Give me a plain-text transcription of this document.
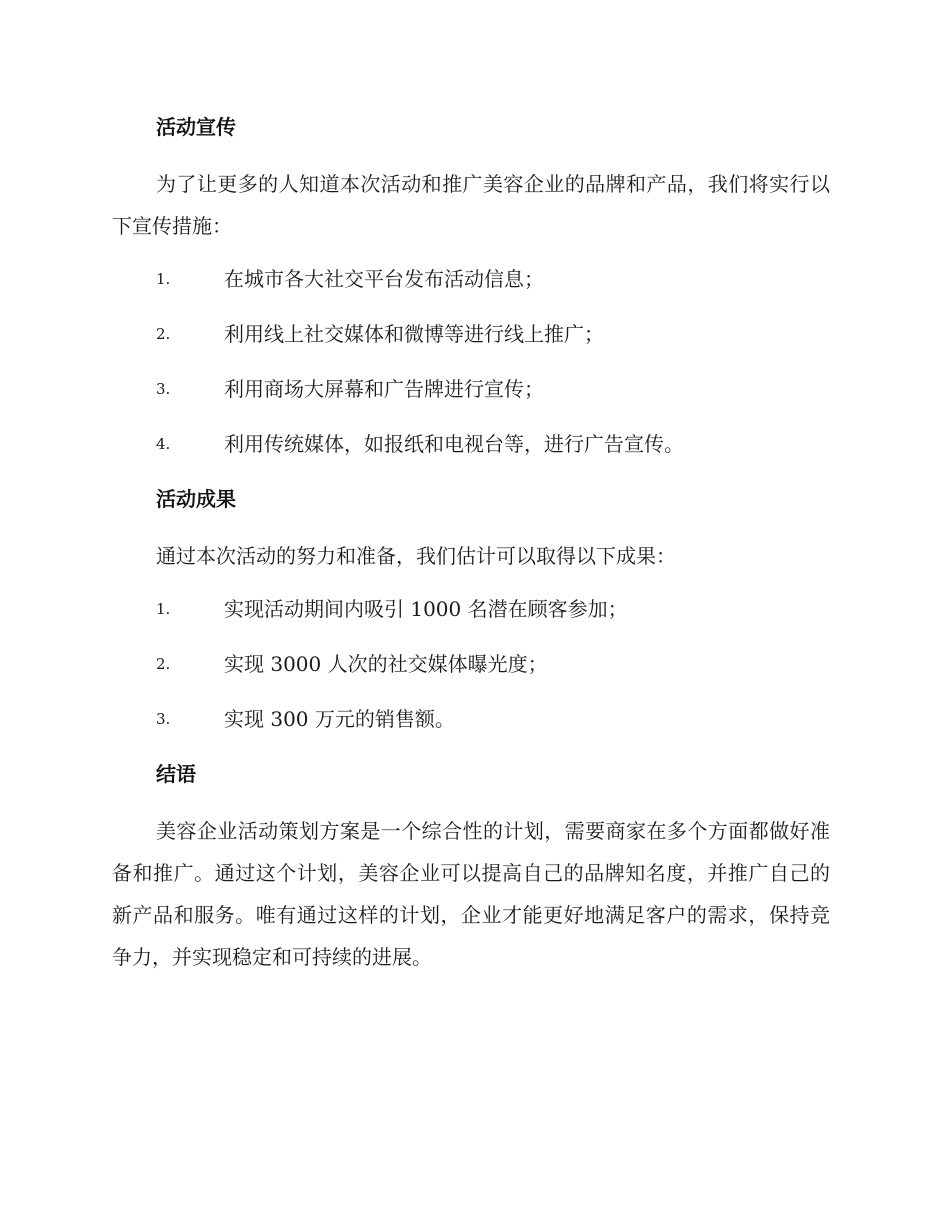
活动宣传

为了让更多的人知道本次活动和推广美容企业的品牌和产品，我们将实行以下宣传措施：

1.	在城市各大社交平台发布活动信息；
2.	利用线上社交媒体和微博等进行线上推广；
3.	利用商场大屏幕和广告牌进行宣传；
4.	利用传统媒体，如报纸和电视台等，进行广告宣传。
活动成果

通过本次活动的努力和准备，我们估计可以取得以下成果：

1.	实现活动期间内吸引 1000 名潜在顾客参加；
2.	实现 3000 人次的社交媒体曝光度；
3.	实现 300 万元的销售额。
结语

美容企业活动策划方案是一个综合性的计划，需要商家在多个方面都做好准备和推广。通过这个计划，美容企业可以提高自己的品牌知名度，并推广自己的新产品和服务。唯有通过这样的计划，企业才能更好地满足客户的需求，保持竞争力，并实现稳定和可持续的进展。
